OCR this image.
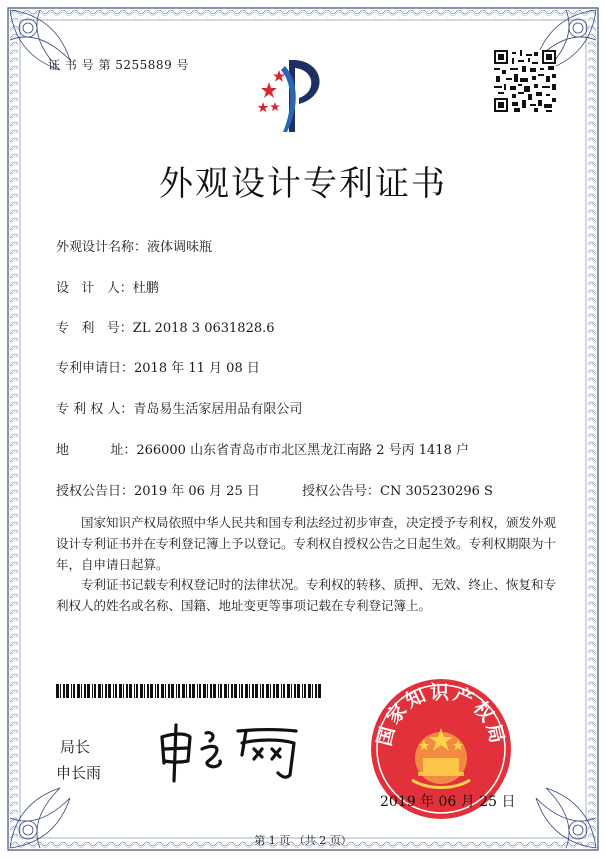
证 书 号 第 5255889 号
外观设计专利证书
外观设计名称：液体调味瓶
设   计   人：杜鹏
专   利   号：ZL 2018 3 0631828.6
专利申请日：2018 年 11 月 08 日
专 利 权 人：青岛易生活家居用品有限公司
地          址：266000 山东省青岛市市北区黑龙江南路 2 号丙 1418 户
授权公告日：2019 年 06 月 25 日	授权公告号：CN 305230296 S
国家知识产权局依照中华人民共和国专利法经过初步审查，决定授予专利权，颁发外观设计专利证书并在专利登记簿上予以登记。专利权自授权公告之日起生效。专利权期限为十年，自申请日起算。
专利证书记载专利权登记时的法律状况。专利权的转移、质押、无效、终止、恢复和专利权人的姓名或名称、国籍、地址变更等事项记载在专利登记簿上。
局长
申长雨
国家知识产权局
2019 年 06 月 25 日
第 1 页 （共 2 页）
